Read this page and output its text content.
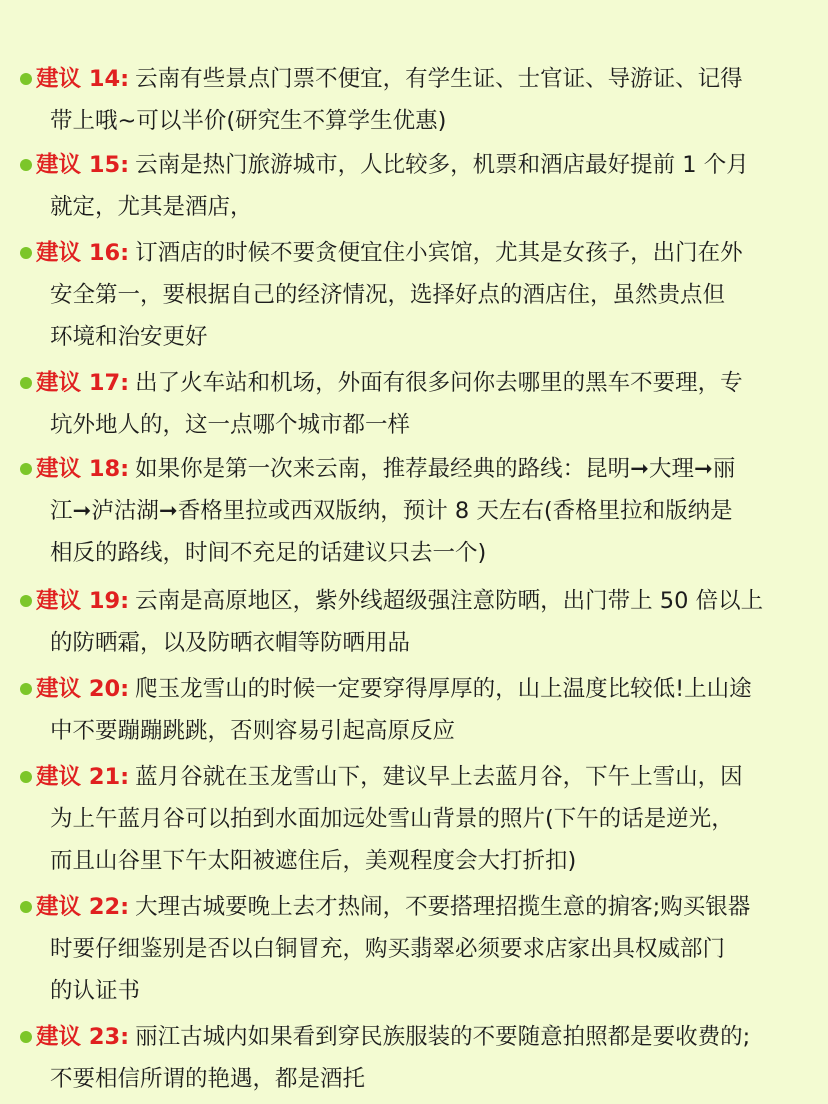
建议 14: 云南有些景点门票不便宜，有学生证、士官证、导游证、记得
带上哦~可以半价(研究生不算学生优惠)
建议 15: 云南是热门旅游城市，人比较多，机票和酒店最好提前 1 个月
就定，尤其是酒店，
建议 16: 订酒店的时候不要贪便宜住小宾馆，尤其是女孩子，出门在外
安全第一，要根据自己的经济情况，选择好点的酒店住，虽然贵点但
环境和治安更好
建议 17: 出了火车站和机场，外面有很多问你去哪里的黑车不要理，专
坑外地人的，这一点哪个城市都一样
建议 18: 如果你是第一次来云南，推荐最经典的路线：昆明➞大理➞丽
江➞泸沽湖➞香格里拉或西双版纳，预计 8 天左右(香格里拉和版纳是
相反的路线，时间不充足的话建议只去一个)
建议 19: 云南是高原地区，紫外线超级强注意防晒，出门带上 50 倍以上
的防晒霜，以及防晒衣帽等防晒用品
建议 20: 爬玉龙雪山的时候一定要穿得厚厚的，山上温度比较低!上山途
中不要蹦蹦跳跳，否则容易引起高原反应
建议 21: 蓝月谷就在玉龙雪山下，建议早上去蓝月谷，下午上雪山，因
为上午蓝月谷可以拍到水面加远处雪山背景的照片(下午的话是逆光，
而且山谷里下午太阳被遮住后，美观程度会大打折扣)
建议 22: 大理古城要晚上去才热闹，不要搭理招揽生意的掮客;购买银器
时要仔细鉴别是否以白铜冒充，购买翡翠必须要求店家出具权威部门
的认证书
建议 23: 丽江古城内如果看到穿民族服装的不要随意拍照都是要收费的;
不要相信所谓的艳遇，都是酒托
